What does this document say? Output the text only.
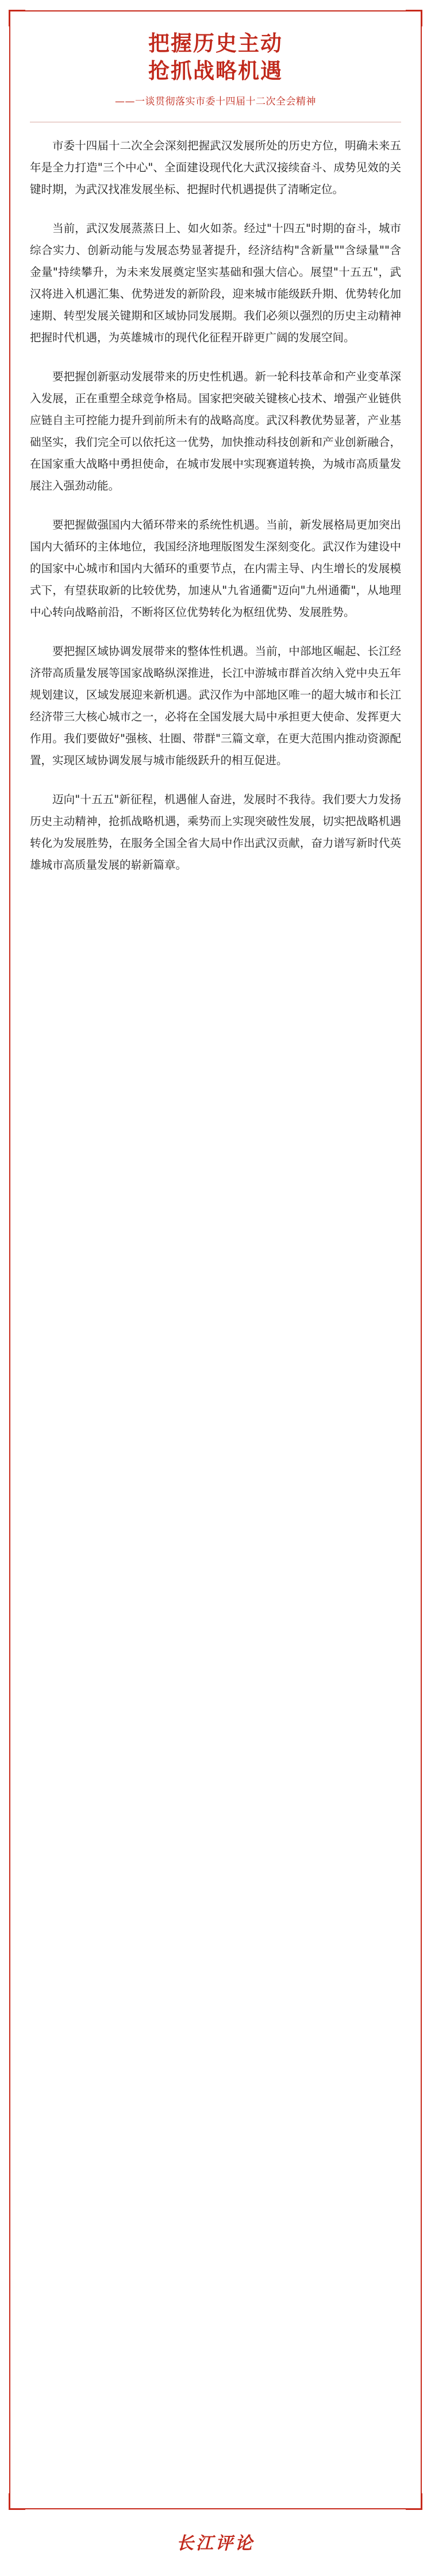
把握历史主动
抢抓战略机遇
——一谈贯彻落实市委十四届十二次全会精神

市委十四届十二次全会深刻把握武汉发展所处的历史方位，明确未来五年是全力打造"三个中心"、全面建设现代化大武汉接续奋斗、成势见效的关键时期，为武汉找准发展坐标、把握时代机遇提供了清晰定位。

当前，武汉发展蒸蒸日上、如火如荼。经过"十四五"时期的奋斗，城市综合实力、创新动能与发展态势显著提升，经济结构"含新量""含绿量""含金量"持续攀升，为未来发展奠定坚实基础和强大信心。展望"十五五"，武汉将进入机遇汇集、优势迸发的新阶段，迎来城市能级跃升期、优势转化加速期、转型发展关键期和区域协同发展期。我们必须以强烈的历史主动精神把握时代机遇，为英雄城市的现代化征程开辟更广阔的发展空间。

要把握创新驱动发展带来的历史性机遇。新一轮科技革命和产业变革深入发展，正在重塑全球竞争格局。国家把突破关键核心技术、增强产业链供应链自主可控能力提升到前所未有的战略高度。武汉科教优势显著，产业基础坚实，我们完全可以依托这一优势，加快推动科技创新和产业创新融合，在国家重大战略中勇担使命，在城市发展中实现赛道转换，为城市高质量发展注入强劲动能。

要把握做强国内大循环带来的系统性机遇。当前，新发展格局更加突出国内大循环的主体地位，我国经济地理版图发生深刻变化。武汉作为建设中的国家中心城市和国内大循环的重要节点，在内需主导、内生增长的发展模式下，有望获取新的比较优势，加速从"九省通衢"迈向"九州通衢"，从地理中心转向战略前沿，不断将区位优势转化为枢纽优势、发展胜势。

要把握区域协调发展带来的整体性机遇。当前，中部地区崛起、长江经济带高质量发展等国家战略纵深推进，长江中游城市群首次纳入党中央五年规划建议，区域发展迎来新机遇。武汉作为中部地区唯一的超大城市和长江经济带三大核心城市之一，必将在全国发展大局中承担更大使命、发挥更大作用。我们要做好"强核、壮圈、带群"三篇文章，在更大范围内推动资源配置，实现区域协调发展与城市能级跃升的相互促进。

迈向"十五五"新征程，机遇催人奋进，发展时不我待。我们要大力发扬历史主动精神，抢抓战略机遇，乘势而上实现突破性发展，切实把战略机遇转化为发展胜势，在服务全国全省大局中作出武汉贡献，奋力谱写新时代英雄城市高质量发展的崭新篇章。

长江评论
